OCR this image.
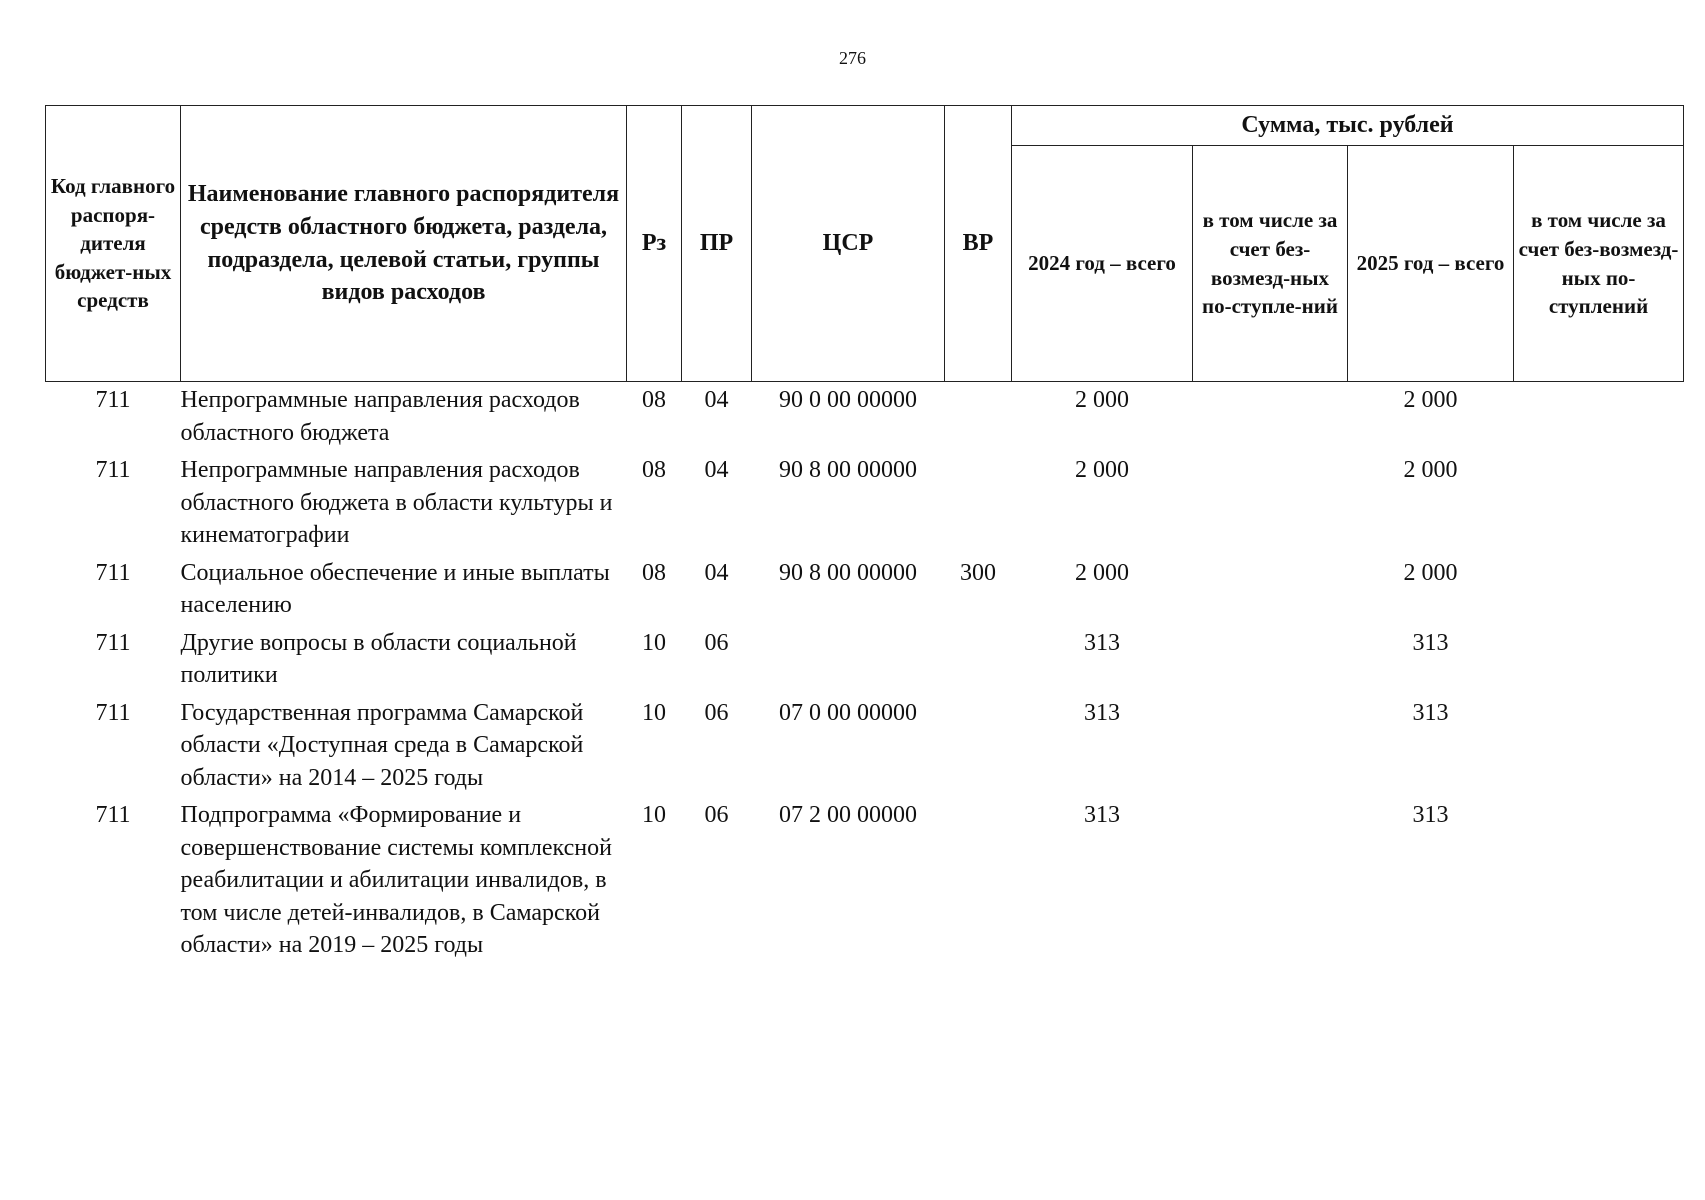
276
Код главного распоря-дителя бюджет-ных средств	Наименование главного распорядителя средств областного бюджета, раздела, подраздела, целевой статьи, группы видов расходов	Рз	ПР	ЦСР	ВР	Сумма, тыс. рублей			
						2024 год – всего	в том числе за счет без-возмезд-ных по-ступле-ний	2025 год – всего	в том числе за счет без-возмезд-ных по-ступлений
711	Непрограммные направления расходов областного бюджета	08	04	90 0 00 00000		2 000		2 000	
711	Непрограммные направления расходов областного бюджета в области культуры и кинематографии	08	04	90 8 00 00000		2 000		2 000	
711	Социальное обеспечение и иные выплаты населению	08	04	90 8 00 00000	300	2 000		2 000	
711	Другие вопросы в области социальной политики	10	06			313		313	
711	Государственная программа Самарской области «Доступная среда в Самарской области» на 2014 – 2025 годы	10	06	07 0 00 00000		313		313	
711	Подпрограмма «Формирование и совершенствование системы комплексной реабилитации и абилитации инвалидов, в том числе детей-инвалидов, в Самарской области» на 2019 – 2025 годы	10	06	07 2 00 00000		313		313	
